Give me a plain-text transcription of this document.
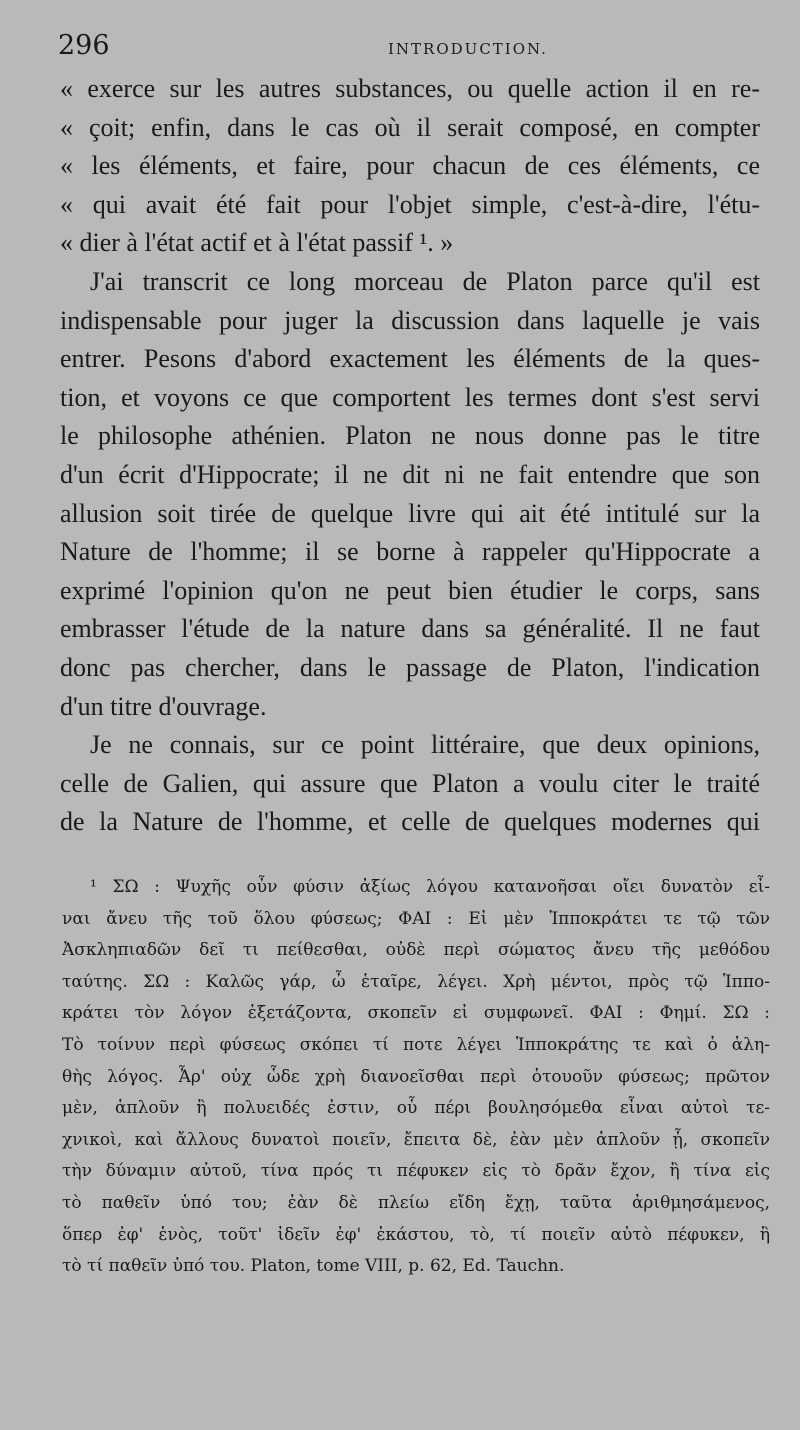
296	INTRODUCTION.
« exerce sur les autres substances, ou quelle action il en re-
« çoit; enfin, dans le cas où il serait composé, en compter
« les éléments, et faire, pour chacun de ces éléments, ce
« qui avait été fait pour l'objet simple, c'est-à-dire, l'étu-
« dier à l'état actif et à l'état passif ¹. »
J'ai transcrit ce long morceau de Platon parce qu'il est
indispensable pour juger la discussion dans laquelle je vais
entrer. Pesons d'abord exactement les éléments de la ques-
tion, et voyons ce que comportent les termes dont s'est servi
le philosophe athénien. Platon ne nous donne pas le titre
d'un écrit d'Hippocrate; il ne dit ni ne fait entendre que son
allusion soit tirée de quelque livre qui ait été intitulé sur la
Nature de l'homme; il se borne à rappeler qu'Hippocrate a
exprimé l'opinion qu'on ne peut bien étudier le corps, sans
embrasser l'étude de la nature dans sa généralité. Il ne faut
donc pas chercher, dans le passage de Platon, l'indication
d'un titre d'ouvrage.
Je ne connais, sur ce point littéraire, que deux opinions,
celle de Galien, qui assure que Platon a voulu citer le traité
de la Nature de l'homme, et celle de quelques modernes qui
¹ ΣΩ : Ψυχῆς οὖν φύσιν ἀξίως λόγου κατανοῆσαι οἴει δυνατὸν εἶ-
ναι ἄνευ τῆς τοῦ ὅλου φύσεως; ΦΑΙ : Εἰ μὲν Ἱπποκράτει τε τῷ τῶν
Ἀσκληπιαδῶν δεῖ τι πείθεσθαι, οὐδὲ περὶ σώματος ἄνευ τῆς μεθόδου
ταύτης. ΣΩ : Καλῶς γάρ, ὦ ἑταῖρε, λέγει. Χρὴ μέντοι, πρὸς τῷ Ἱππο-
κράτει τὸν λόγον ἐξετάζοντα, σκοπεῖν εἰ συμφωνεῖ. ΦΑΙ : Φημί. ΣΩ :
Τὸ τοίνυν περὶ φύσεως σκόπει τί ποτε λέγει Ἱπποκράτης τε καὶ ὁ ἀλη-
θὴς λόγος. Ἆρ' οὐχ ὧδε χρὴ διανοεῖσθαι περὶ ὁτουοῦν φύσεως; πρῶτον
μὲν, ἁπλοῦν ἢ πολυειδές ἐστιν, οὗ πέρι βουλησόμεθα εἶναι αὐτοὶ τε-
χνικοὶ, καὶ ἄλλους δυνατοὶ ποιεῖν, ἔπειτα δὲ, ἐὰν μὲν ἁπλοῦν ᾖ, σκοπεῖν
τὴν δύναμιν αὐτοῦ, τίνα πρός τι πέφυκεν εἰς τὸ δρᾶν ἔχον, ἢ τίνα εἰς
τὸ παθεῖν ὑπό του; ἐὰν δὲ πλείω εἴδη ἔχῃ, ταῦτα ἀριθμησάμενος,
ὅπερ ἐφ' ἑνὸς, τοῦτ' ἰδεῖν ἐφ' ἑκάστου, τὸ, τί ποιεῖν αὐτὸ πέφυκεν, ἢ
τὸ τί παθεῖν ὑπό του. Platon, tome VIII, p. 62, Ed. Tauchn.
